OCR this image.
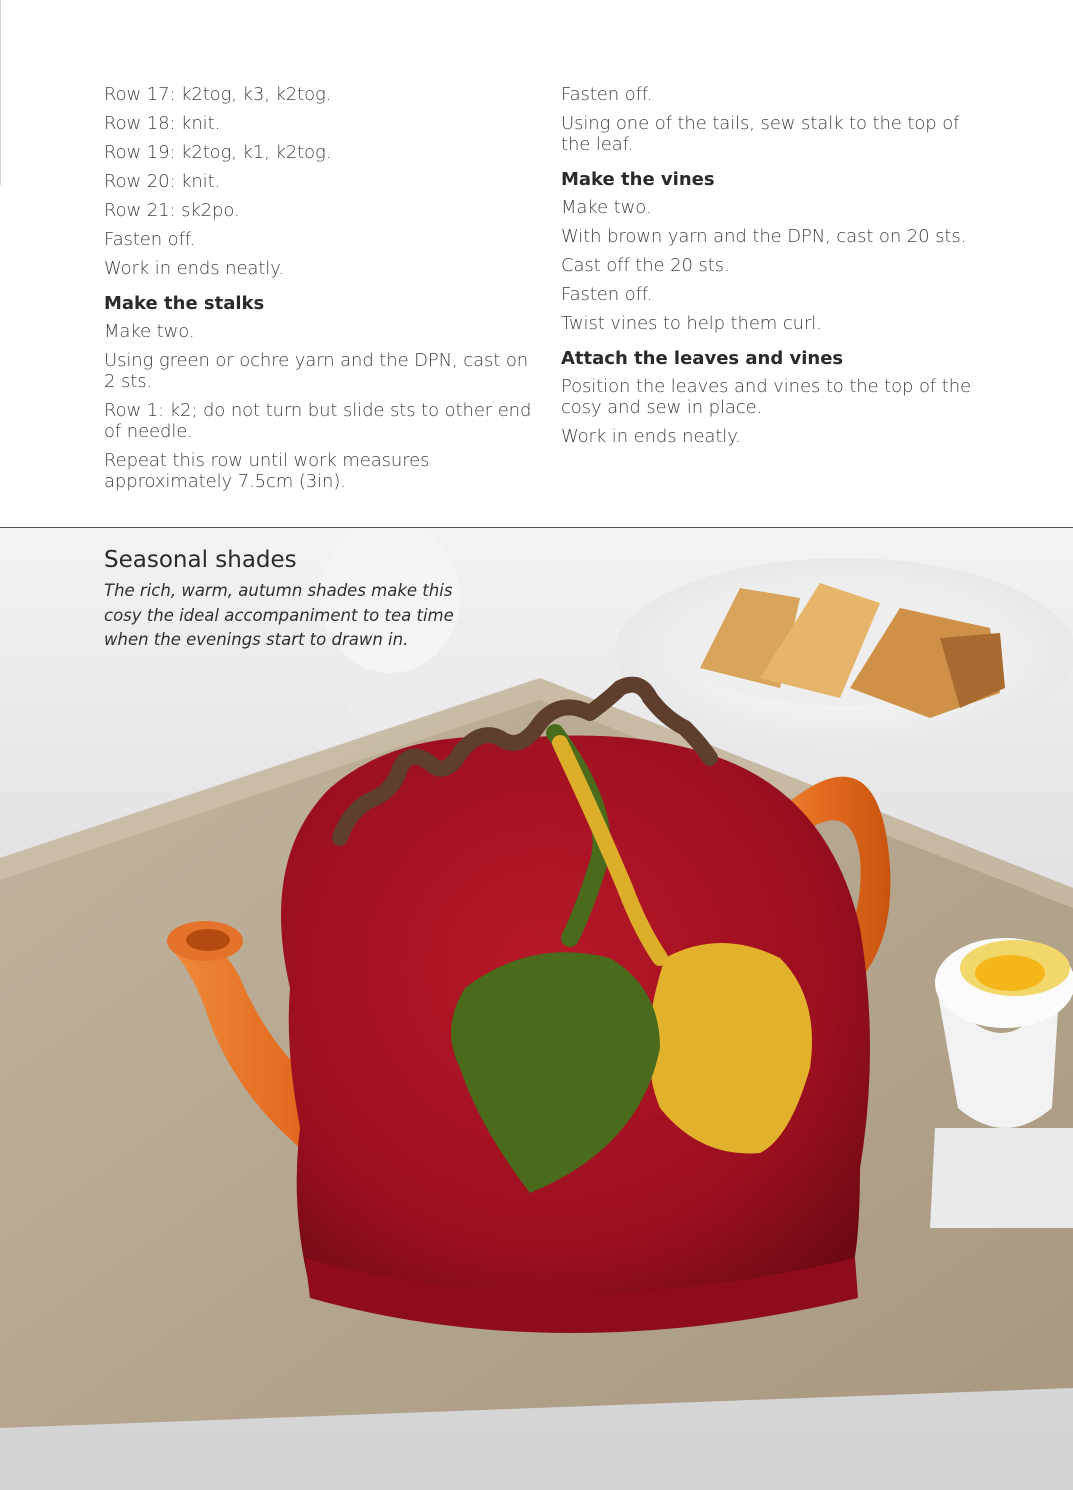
Row 17: k2tog, k3, k2tog.

Row 18: knit.

Row 19: k2tog, k1, k2tog.

Row 20: knit.

Row 21: sk2po.

Fasten off.

Work in ends neatly.

Make the stalks

Make two.

Using green or ochre yarn and the DPN, cast on 2 sts.

Row 1: k2; do not turn but slide sts to other end of needle.

Repeat this row until work measures approximately 7.5cm (3in).

Fasten off.

Using one of the tails, sew stalk to the top of the leaf.

Make the vines

Make two.

With brown yarn and the DPN, cast on 20 sts.

Cast off the 20 sts.

Fasten off.

Twist vines to help them curl.

Attach the leaves and vines

Position the leaves and vines to the top of the cosy and sew in place.

Work in ends neatly.

Seasonal shades

The rich, warm, autumn shades make this cosy the ideal accompaniment to tea time when the evenings start to drawn in.
